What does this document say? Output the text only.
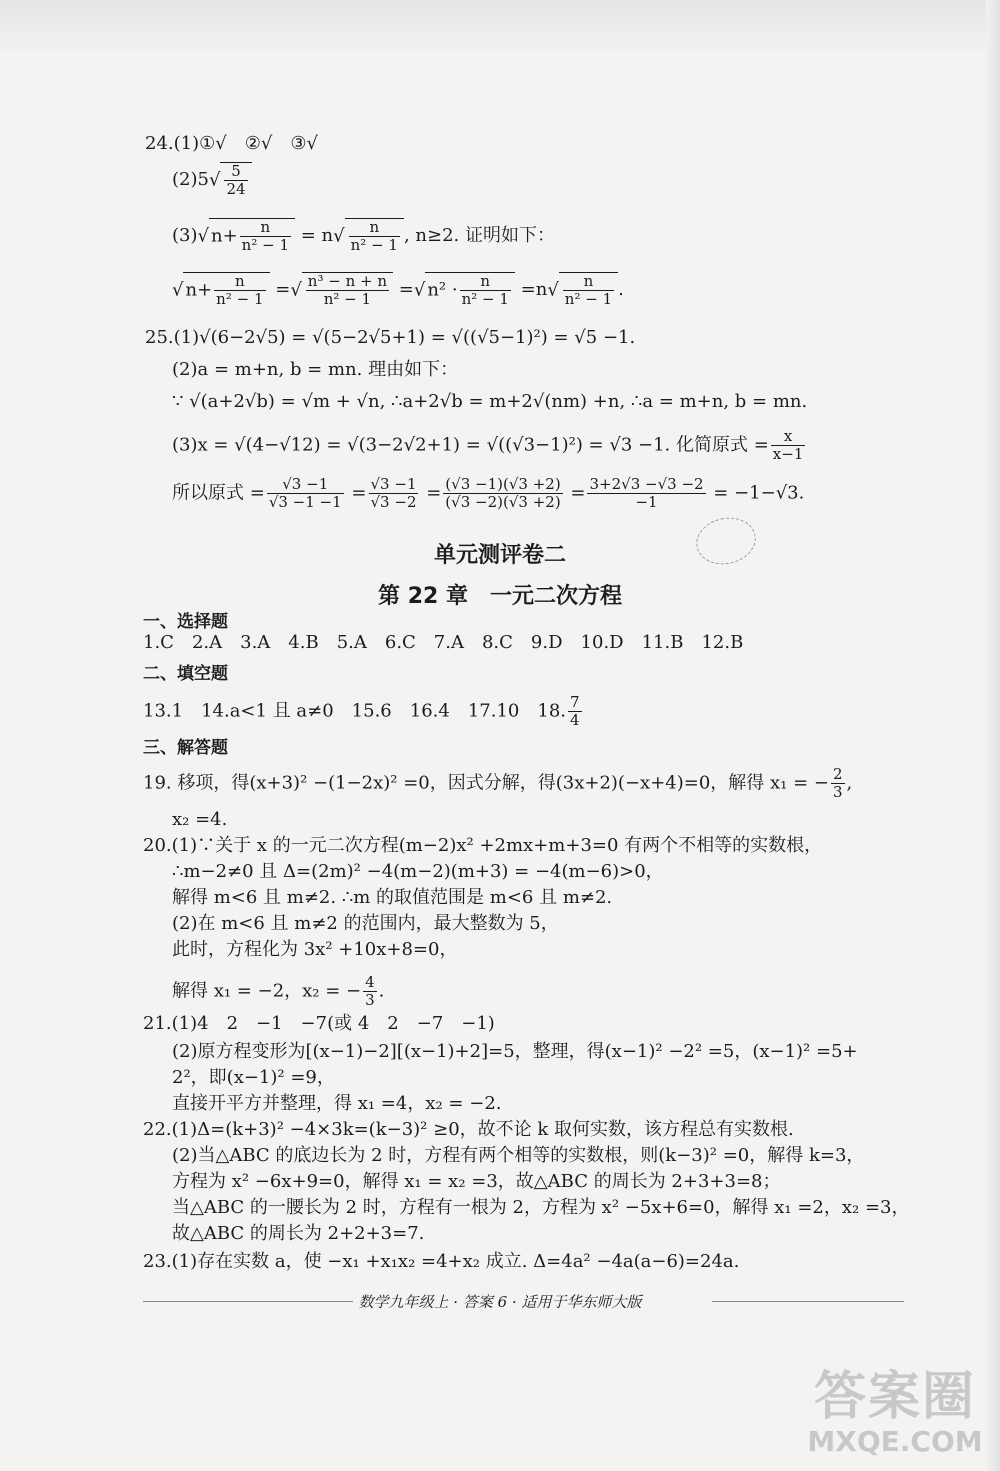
24.(1)①√　②√　③√
$(2)5√ \frac{5}{24}$
(3)√ $n+ \frac{n}{\text{n² − 1}} = n√ \frac{n}{\text{n² − 1}}$ , n≥2. 证明如下：
√ $n+ \frac{n}{\text{n² − 1}}$ =√ $\frac{\text{n³ − n + n}}{\text{n² − 1}}$ =√ $n^2 \cdot \frac{n}{\text{n² − 1}} =n√ \frac{n}{\text{n² − 1}}$ .
25.(1)√(6−2√5) = √(5−2√5+1) = √((√5−1)²) = √5 −1.
(2)a = m+n, b = mn. 理由如下：
∵ √(a+2√b) = √m + √n, ∴a+2√b = m+2√(nm) +n, ∴a = m+n, b = mn.
(3)x = √(4−√12) = √(3−2√2+1) = √((√3−1)²) = √3 −1. 化简原式 = $\frac{x}{x-1}$
所以原式 = $\frac{√3 -1}{√3 -1 -1} = \frac{√3 -1}{√3 -2} = \frac{(√3 -1)(√3 +2)}{(√3 -2)(√3 +2)} = \frac{3+2√3 -√3 -2}{-1} = -1-√3$.
单元测评卷二
第 22 章　一元二次方程
一、选择题
1.C　2.A　3.A　4.B　5.A　6.C　7.A　8.C　9.D　10.D　11.B　12.B
二、填空题
13.1　14.a<1 且 a≠0　15.6　16.4　17.10　18. $\frac{7}{4}$
三、解答题
19. 移项，得(x+3)² −(1−2x)² =0，因式分解，得(3x+2)(−x+4)=0，解得 x₁ = − $\frac{2}{3}$ ,
x₂ =4.
20.(1)∵关于 x 的一元二次方程(m−2)x² +2mx+m+3=0 有两个不相等的实数根，
∴m−2≠0 且 Δ=(2m)² −4(m−2)(m+3) = −4(m−6)>0，
解得 m<6 且 m≠2. ∴m 的取值范围是 m<6 且 m≠2.
(2)在 m<6 且 m≠2 的范围内，最大整数为 5，
此时，方程化为 3x² +10x+8=0，
解得 x₁ = −2，x₂ = − $\frac{4}{3}$ .
21.(1)4　2　−1　−7(或 4　2　−7　−1)
(2)原方程变形为[(x−1)−2][(x−1)+2]=5，整理，得(x−1)² −2² =5，(x−1)² =5+
2²，即(x−1)² =9，
直接开平方并整理，得 x₁ =4，x₂ = −2.
22.(1)Δ=(k+3)² −4×3k=(k−3)² ≥0，故不论 k 取何实数，该方程总有实数根.
(2)当△ABC 的底边长为 2 时，方程有两个相等的实数根，则(k−3)² =0，解得 k=3，
方程为 x² −6x+9=0，解得 x₁ = x₂ =3，故△ABC 的周长为 2+3+3=8；
当△ABC 的一腰长为 2 时，方程有一根为 2，方程为 x² −5x+6=0，解得 x₁ =2，x₂ =3，
故△ABC 的周长为 2+2+3=7.
23.(1)存在实数 a，使 −x₁ +x₁x₂ =4+x₂ 成立. Δ=4a² −4a(a−6)=24a.
数学九年级上 · 答案 6 · 适用于华东师大版
答案圈
MXQE.COM
